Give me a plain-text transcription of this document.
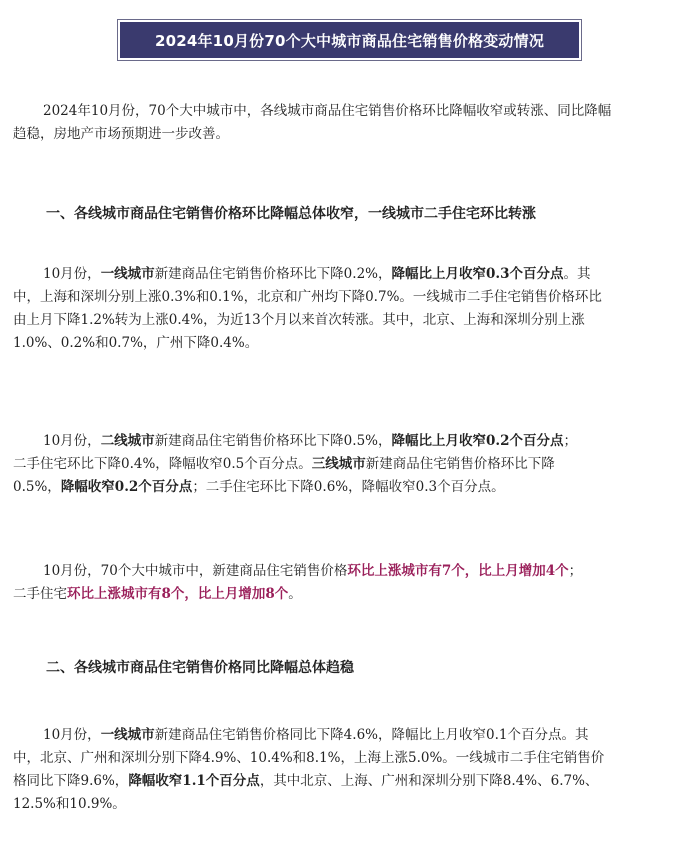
2024年10月份70个大中城市商品住宅销售价格变动情况

2024年10月份，70个大中城市中，各线城市商品住宅销售价格环比降幅收窄或转涨、同比降幅
趋稳，房地产市场预期进一步改善。

一、各线城市商品住宅销售价格环比降幅总体收窄，一线城市二手住宅环比转涨

10月份，一线城市新建商品住宅销售价格环比下降0.2%，降幅比上月收窄0.3个百分点。其
中，上海和深圳分别上涨0.3%和0.1%，北京和广州均下降0.7%。一线城市二手住宅销售价格环比
由上月下降1.2%转为上涨0.4%，为近13个月以来首次转涨。其中，北京、上海和深圳分别上涨
1.0%、0.2%和0.7%，广州下降0.4%。

10月份，二线城市新建商品住宅销售价格环比下降0.5%，降幅比上月收窄0.2个百分点；
二手住宅环比下降0.4%，降幅收窄0.5个百分点。三线城市新建商品住宅销售价格环比下降
0.5%，降幅收窄0.2个百分点；二手住宅环比下降0.6%，降幅收窄0.3个百分点。

10月份，70个大中城市中，新建商品住宅销售价格环比上涨城市有7个，比上月增加4个；
二手住宅环比上涨城市有8个，比上月增加8个。

二、各线城市商品住宅销售价格同比降幅总体趋稳

10月份，一线城市新建商品住宅销售价格同比下降4.6%，降幅比上月收窄0.1个百分点。其
中，北京、广州和深圳分别下降4.9%、10.4%和8.1%，上海上涨5.0%。一线城市二手住宅销售价
格同比下降9.6%，降幅收窄1.1个百分点，其中北京、上海、广州和深圳分别下降8.4%、6.7%、
12.5%和10.9%。
